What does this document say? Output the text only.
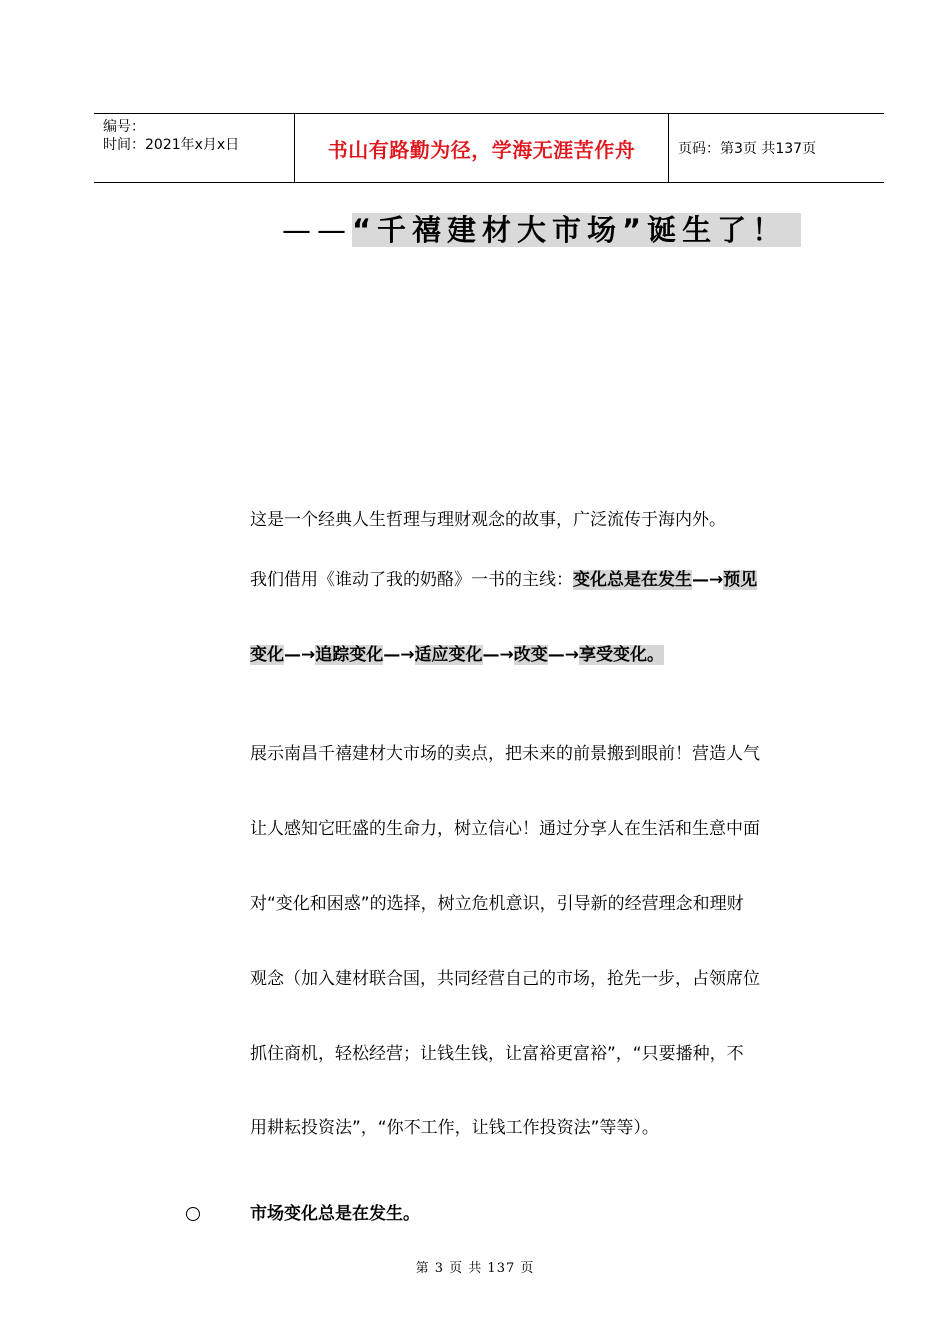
编号：
时间：2021年x月x日	书山有路勤为径，学海无涯苦作舟	页码：第3页 共137页
——“千禧建材大市场”诞生了！
这是一个经典人生哲理与理财观念的故事，广泛流传于海内外。
我们借用《谁动了我的奶酪》一书的主线：变化总是在发生—→预见
变化—→追踪变化—→适应变化—→改变—→享受变化。
展示南昌千禧建材大市场的卖点，把未来的前景搬到眼前！营造人气
让人感知它旺盛的生命力，树立信心！通过分享人在生活和生意中面
对“变化和困惑”的选择，树立危机意识，引导新的经营理念和理财
观念（加入建材联合国，共同经营自己的市场，抢先一步，占领席位
抓住商机，轻松经营；让钱生钱，让富裕更富裕”，“只要播种，不
用耕耘投资法”，“你不工作，让钱工作投资法”等等）。
市场变化总是在发生。
第 3 页 共 137 页
